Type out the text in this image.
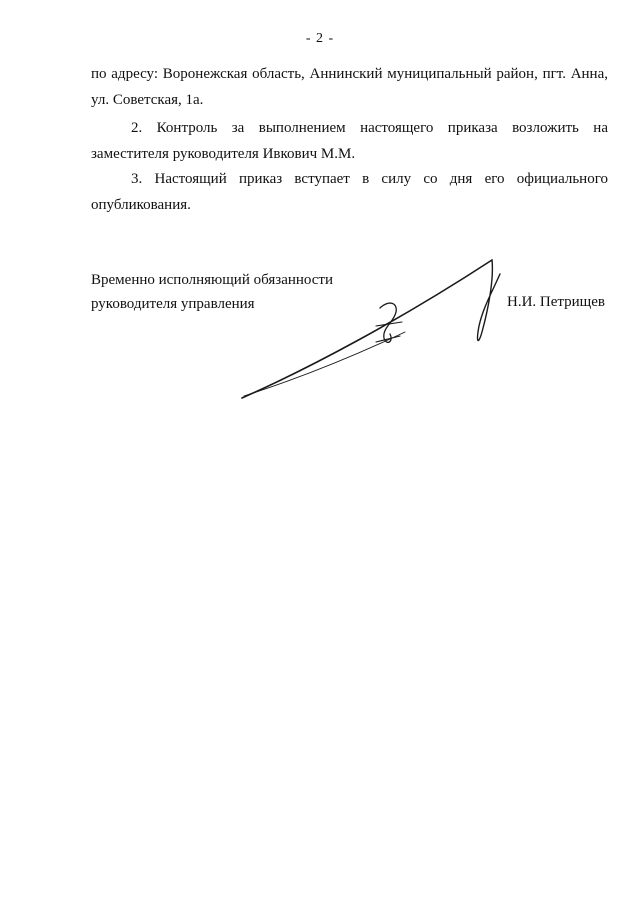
- 2 -

по адресу: Воронежская область, Аннинский муниципальный район, пгт. Анна, ул. Советская, 1а.

2. Контроль за выполнением настоящего приказа возложить на заместителя руководителя Ивкович М.М.

3. Настоящий приказ вступает в силу со дня его официального опубликования.

Временно исполняющий обязанности
руководителя управления	Н.И. Петрищев
